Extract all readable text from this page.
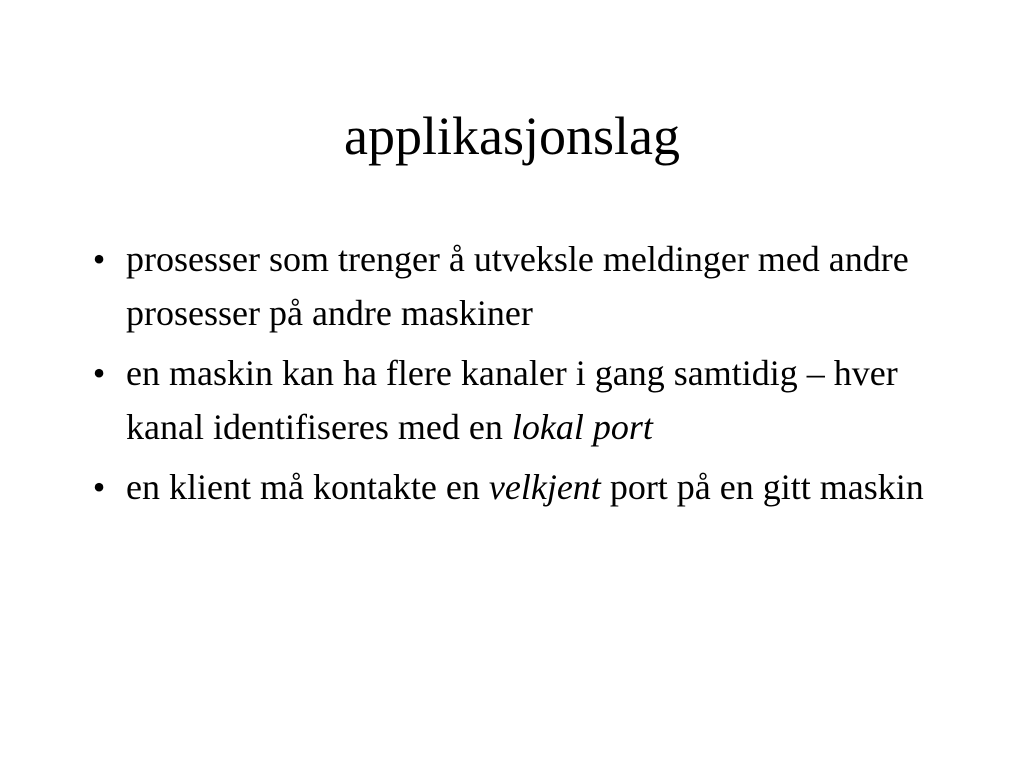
applikasjonslag
• prosesser som trenger å utveksle meldinger med andre prosesser på andre maskiner
• en maskin kan ha flere kanaler i gang samtidig – hver kanal identifiseres med en lokal port
• en klient må kontakte en velkjent port på en gitt maskin
